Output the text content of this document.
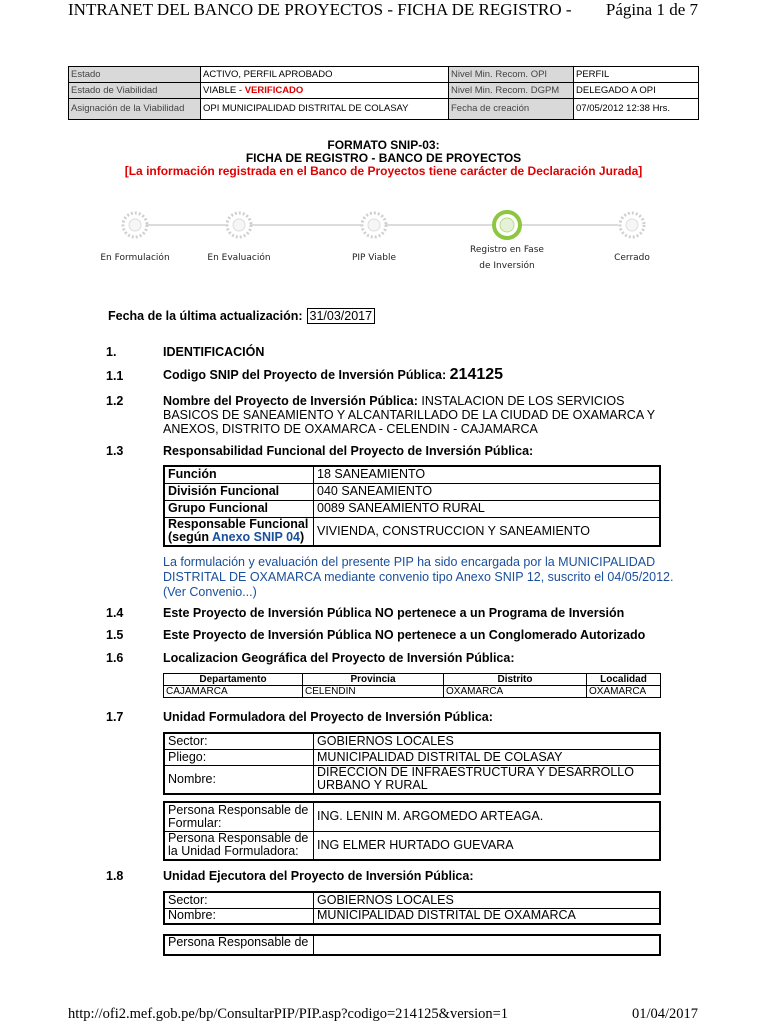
INTRANET DEL BANCO DE PROYECTOS - FICHA DE REGISTRO - Página 1 de 7
Estado	ACTIVO, PERFIL APROBADO	Nivel Min. Recom. OPI	PERFIL
Estado de Viabilidad	VIABLE - VERIFICADO	Nivel Min. Recom. DGPM	DELEGADO A OPI
Asignación de la Viabilidad	OPI MUNICIPALIDAD DISTRITAL DE COLASAY	Fecha de creación	07/05/2012 12:38 Hrs.
FORMATO SNIP-03:
FICHA DE REGISTRO - BANCO DE PROYECTOS
[La información registrada en el Banco de Proyectos tiene carácter de Declaración Jurada]
En Formulación	En Evaluación	PIP Viable
Registro en Fase
de Inversión
Cerrado
Fecha de la última actualización: 31/03/2017
1.	IDENTIFICACIÓN
1.1	Codigo SNIP del Proyecto de Inversión Pública: 214125
1.2	Nombre del Proyecto de Inversión Pública: INSTALACION DE LOS SERVICIOS BASICOS DE SANEAMIENTO Y ALCANTARILLADO DE LA CIUDAD DE OXAMARCA Y ANEXOS, DISTRITO DE OXAMARCA - CELENDIN - CAJAMARCA
1.3	Responsabilidad Funcional del Proyecto de Inversión Pública:
Función	18 SANEAMIENTO
División Funcional	040 SANEAMIENTO
Grupo Funcional	0089 SANEAMIENTO RURAL
Responsable Funcional
(según Anexo SNIP 04)	VIVIENDA, CONSTRUCCION Y SANEAMIENTO
La formulación y evaluación del presente PIP ha sido encargada por la MUNICIPALIDAD DISTRITAL DE OXAMARCA mediante convenio tipo Anexo SNIP 12, suscrito el 04/05/2012. (Ver Convenio...)
1.4	Este Proyecto de Inversión Pública NO pertenece a un Programa de Inversión
1.5	Este Proyecto de Inversión Pública NO pertenece a un Conglomerado Autorizado
1.6	Localizacion Geográfica del Proyecto de Inversión Pública:
Departamento	Provincia	Distrito	Localidad
CAJAMARCA	CELENDIN	OXAMARCA	OXAMARCA
1.7	Unidad Formuladora del Proyecto de Inversión Pública:
Sector:	GOBIERNOS LOCALES
Pliego:	MUNICIPALIDAD DISTRITAL DE COLASAY
Nombre:	DIRECCION DE INFRAESTRUCTURA Y DESARROLLO URBANO Y RURAL
Persona Responsable de Formular:	ING. LENIN M. ARGOMEDO ARTEAGA.
Persona Responsable de la Unidad Formuladora:	ING ELMER HURTADO GUEVARA
1.8	Unidad Ejecutora del Proyecto de Inversión Pública:
Sector:	GOBIERNOS LOCALES
Nombre:	MUNICIPALIDAD DISTRITAL DE OXAMARCA
Persona Responsable de	
http://ofi2.mef.gob.pe/bp/ConsultarPIP/PIP.asp?codigo=214125&version=1	01/04/2017
